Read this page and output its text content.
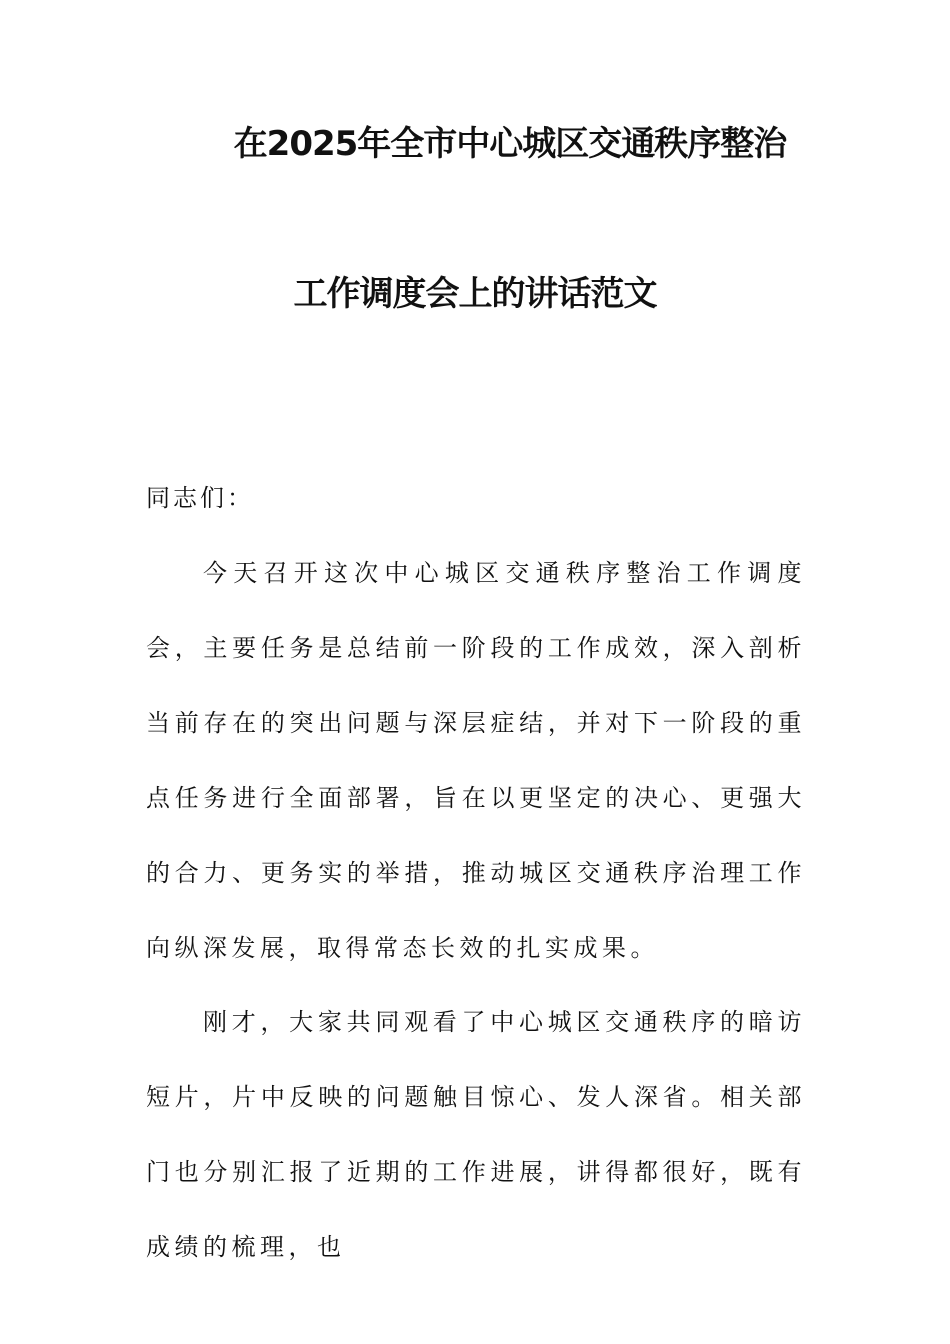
在2025年全市中心城区交通秩序整治
工作调度会上的讲话范文
同志们：
今天召开这次中心城区交通秩序整治工作调度会，主要任务是总结前一阶段的工作成效，深入剖析当前存在的突出问题与深层症结，并对下一阶段的重点任务进行全面部署，旨在以更坚定的决心、更强大的合力、更务实的举措，推动城区交通秩序治理工作向纵深发展，取得常态长效的扎实成果。
刚才，大家共同观看了中心城区交通秩序的暗访短片，片中反映的问题触目惊心、发人深省。相关部门也分别汇报了近期的工作进展，讲得都很好，既有成绩的梳理，也
